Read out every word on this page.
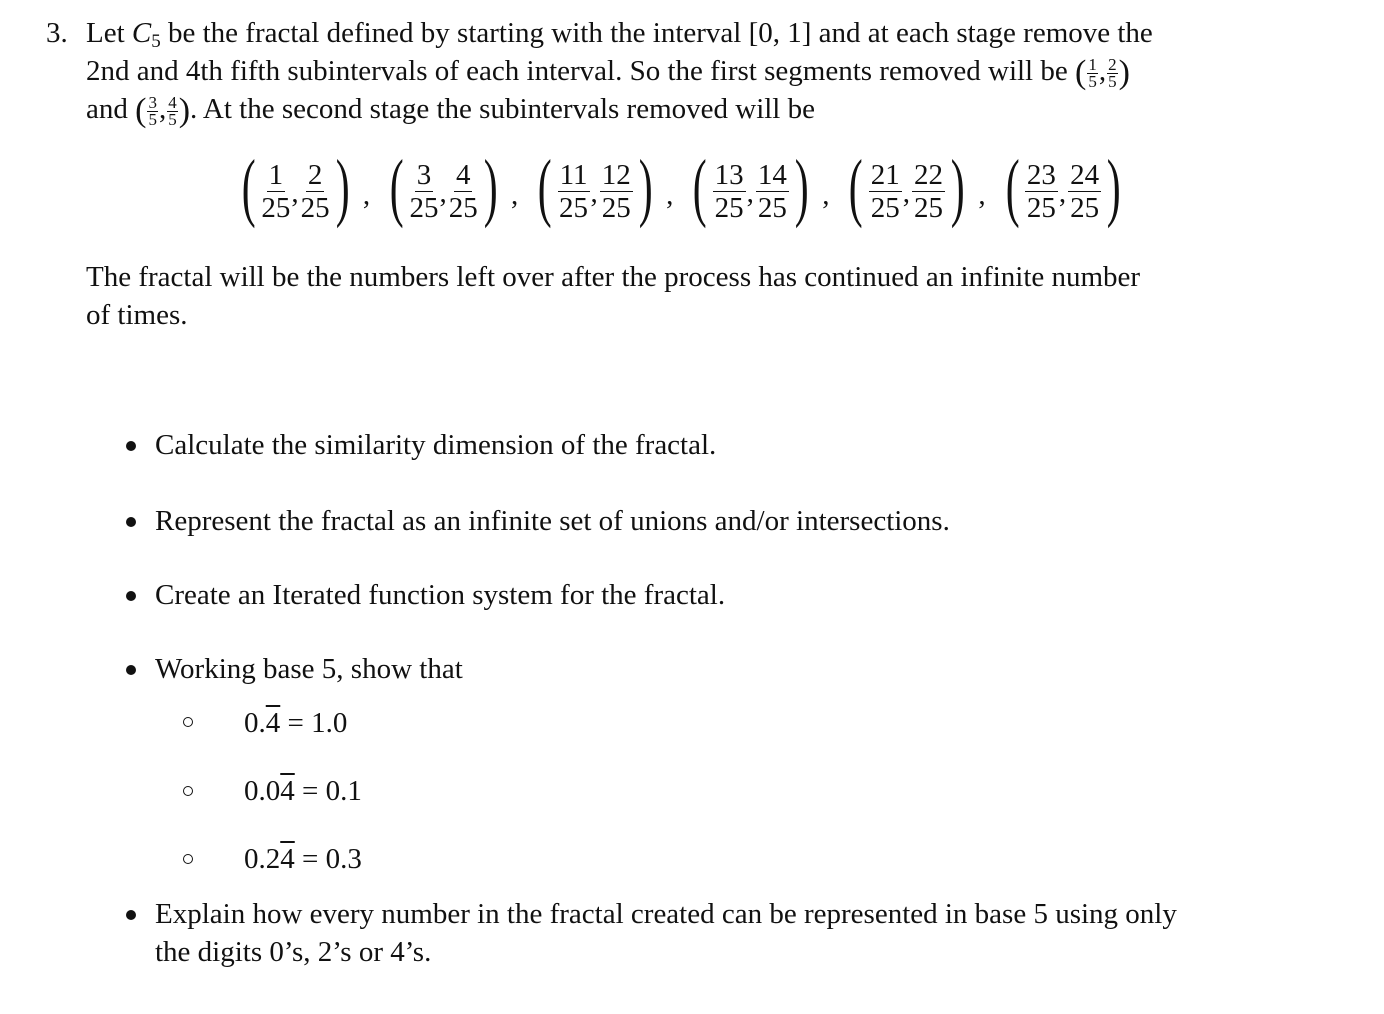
3. Let $C_5$ be the fractal defined by starting with the interval [0, 1] and at each stage remove the
2nd and 4th fifth subintervals of each interval. So the first segments removed will be ( $\frac{1}{5}$ , $\frac{2}{5}$ )
and ( $\frac{3}{5}$ , $\frac{4}{5}$ ). At the second stage the subintervals removed will be
( 1
25 ,
2
25 ) , ( 3
25 ,
4
25 ) , ( 11
25 ,
12
25 ) , ( 13
25 ,
14
25 ) , ( 21
25 ,
22
25 ) , ( 23
25 ,
24
25 )
The fractal will be the numbers left over after the process has continued an infinite number
of times.
Calculate the similarity dimension of the fractal.
Represent the fractal as an infinite set of unions and/or intersections.
Create an Iterated function system for the fractal.
Working base 5, show that
0.4 = 1.0
0.04 = 0.1
0.24 = 0.3
Explain how every number in the fractal created can be represented in base 5 using only
the digits 0’s, 2’s or 4’s.
